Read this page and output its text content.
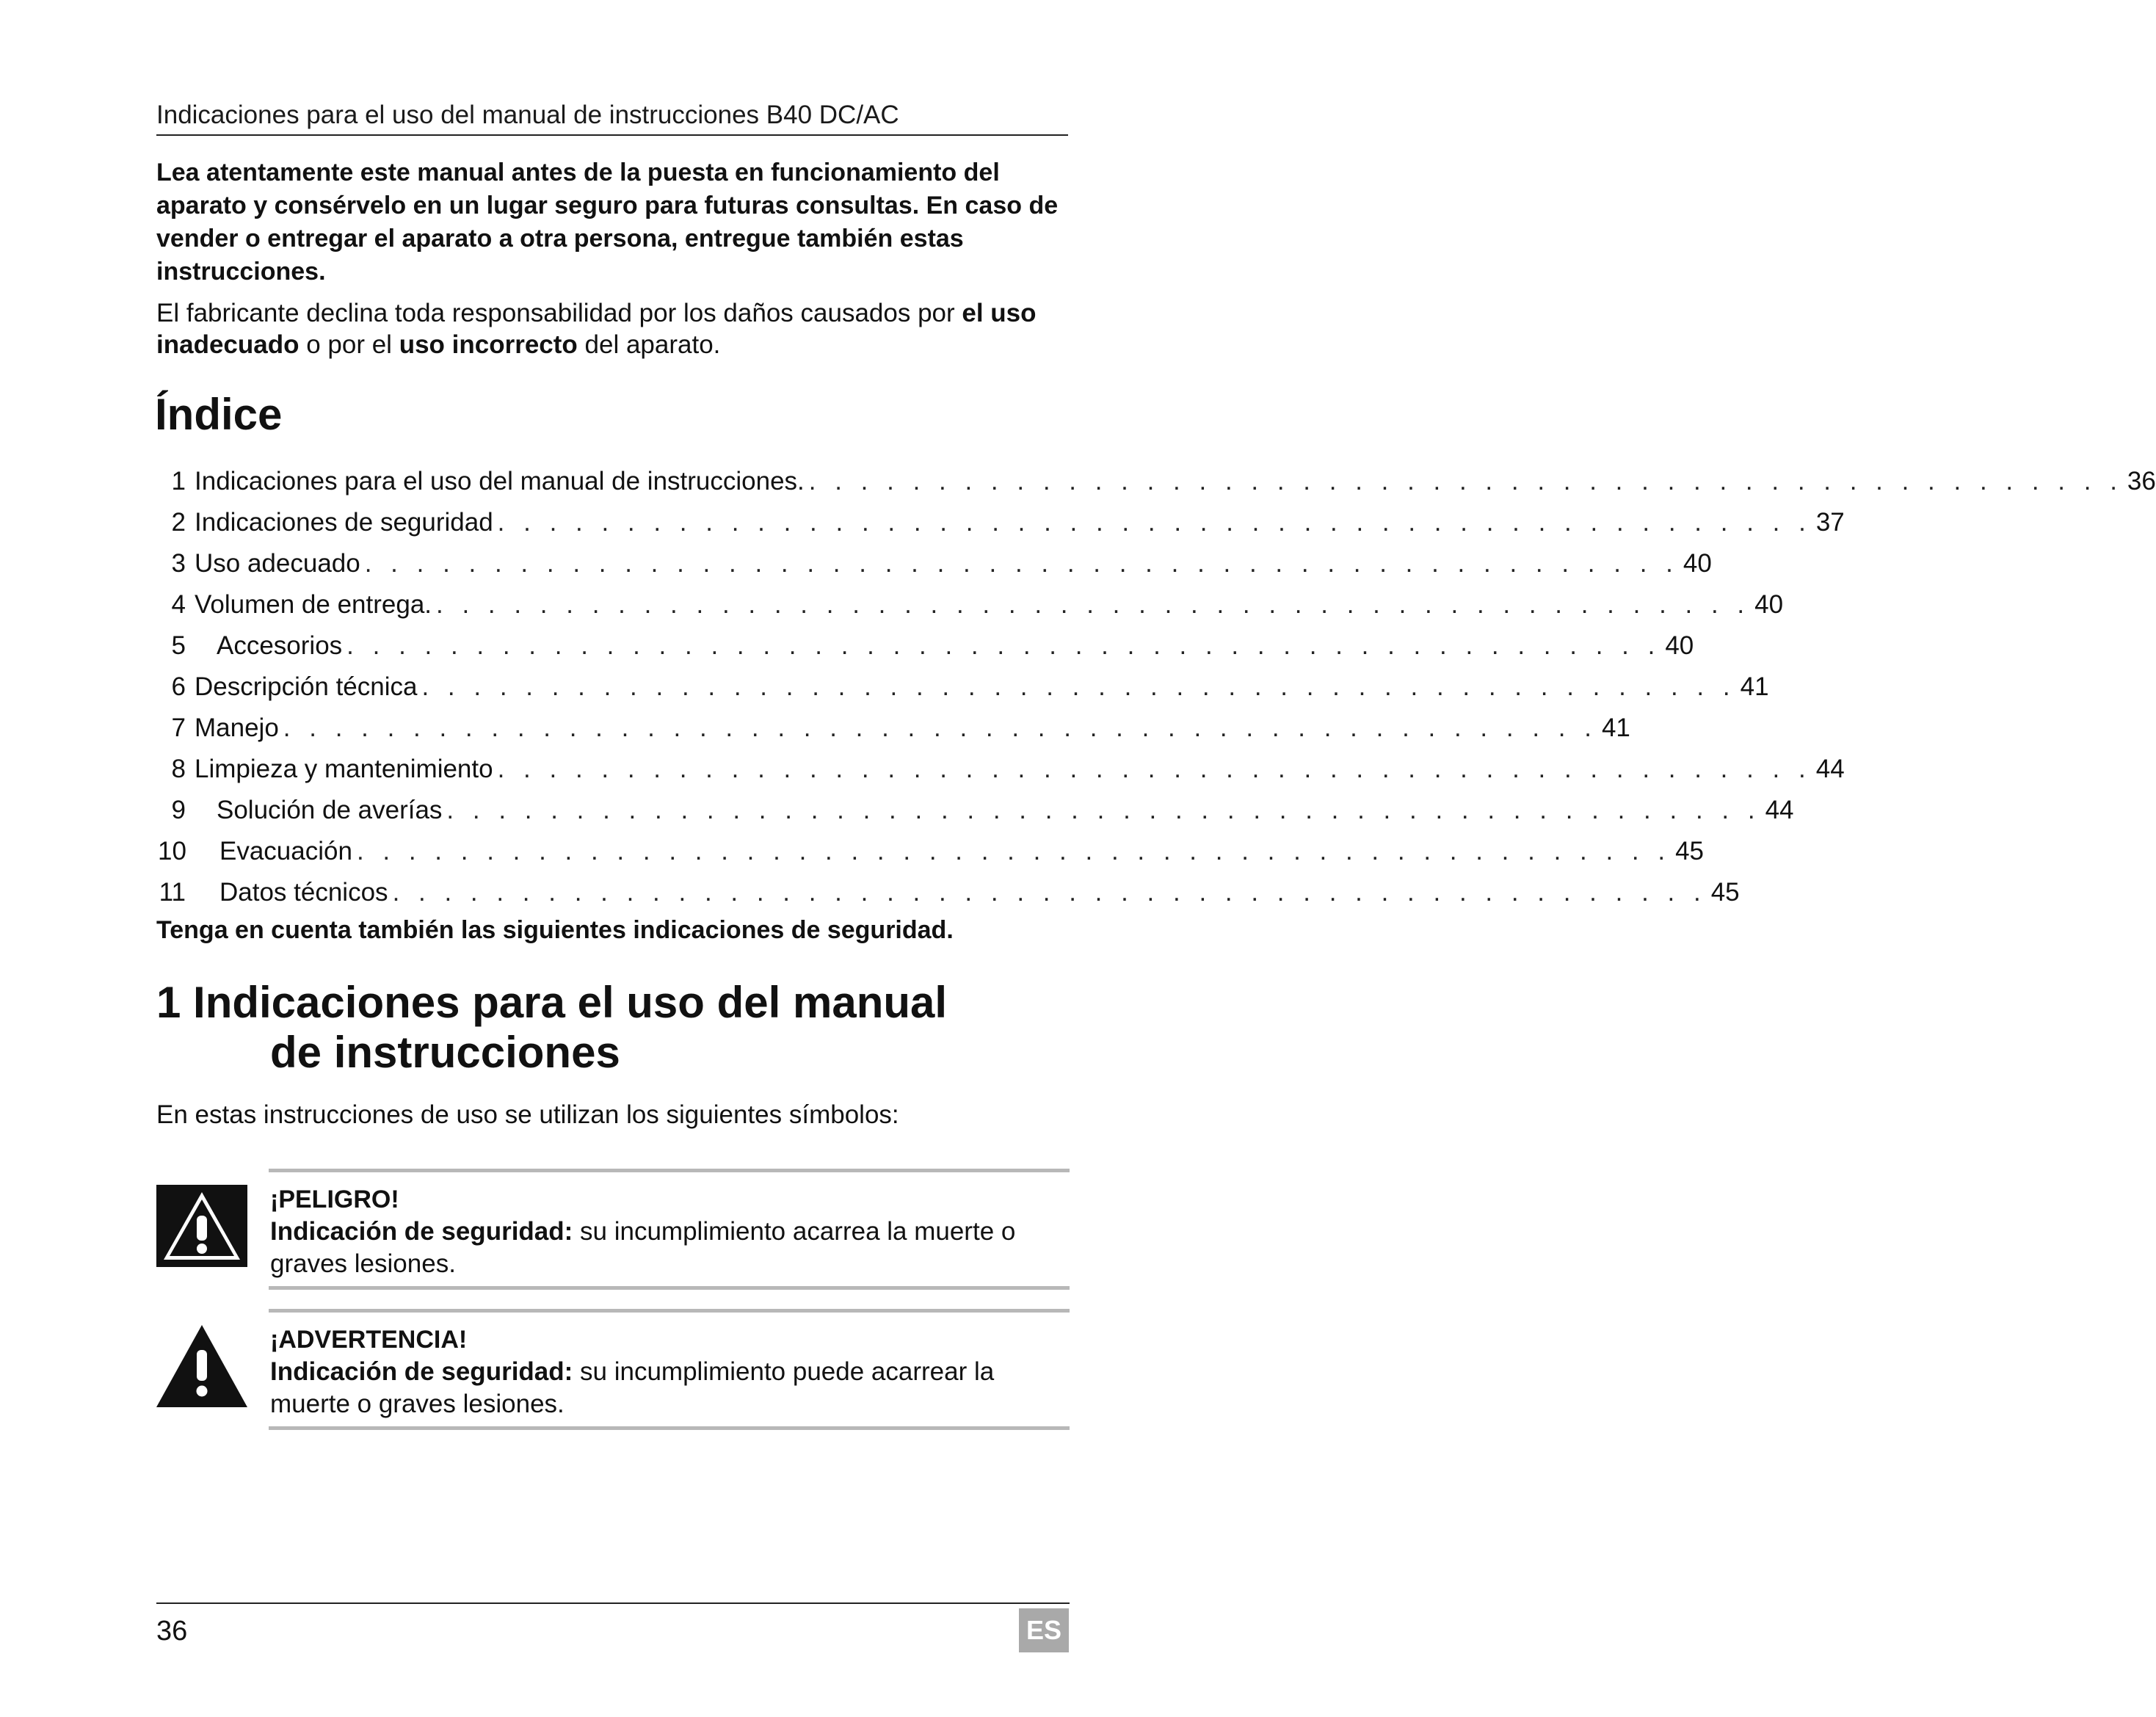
Indicaciones para el uso del manual de instrucciones B40 DC/AC
Lea atentamente este manual antes de la puesta en funcionamiento del aparato y consérvelo en un lugar seguro para futuras consultas. En caso de vender o entregar el aparato a otra persona, entregue también estas instrucciones.
El fabricante declina toda responsabilidad por los daños causados por el uso inadecuado o por el uso incorrecto del aparato.
Índice
1 Indicaciones para el uso del manual de instrucciones. . . . . . . . . . . . . . . . . . . . . . . . . . . . . . . . . . . . . . . . . . . . . . . . . . . . 36
2 Indicaciones de seguridad . . . . . . . . . . . . . . . . . . . . . . . . . . . . . . . . . . . . . . . . . . . . . . . . . . . 37
3 Uso adecuado . . . . . . . . . . . . . . . . . . . . . . . . . . . . . . . . . . . . . . . . . . . . . . . . . . . 40
4 Volumen de entrega. . . . . . . . . . . . . . . . . . . . . . . . . . . . . . . . . . . . . . . . . . . . . . . . . . . . 40
5	Accesorios . . . . . . . . . . . . . . . . . . . . . . . . . . . . . . . . . . . . . . . . . . . . . . . . . . . 40
6 Descripción técnica . . . . . . . . . . . . . . . . . . . . . . . . . . . . . . . . . . . . . . . . . . . . . . . . . . . 41
7 Manejo . . . . . . . . . . . . . . . . . . . . . . . . . . . . . . . . . . . . . . . . . . . . . . . . . . . 41
8 Limpieza y mantenimiento . . . . . . . . . . . . . . . . . . . . . . . . . . . . . . . . . . . . . . . . . . . . . . . . . . . 44
9	Solución de averías . . . . . . . . . . . . . . . . . . . . . . . . . . . . . . . . . . . . . . . . . . . . . . . . . . . 44
10	Evacuación . . . . . . . . . . . . . . . . . . . . . . . . . . . . . . . . . . . . . . . . . . . . . . . . . . . 45
11	Datos técnicos . . . . . . . . . . . . . . . . . . . . . . . . . . . . . . . . . . . . . . . . . . . . . . . . . . . 45
Tenga en cuenta también las siguientes indicaciones de seguridad.
1 Indicaciones para el uso del manual
de instrucciones
En estas instrucciones de uso se utilizan los siguientes símbolos:
¡PELIGRO!
Indicación de seguridad: su incumplimiento acarrea la muerte o graves lesiones.
¡ADVERTENCIA!
Indicación de seguridad: su incumplimiento puede acarrear la muerte o graves lesiones.
36	ES
